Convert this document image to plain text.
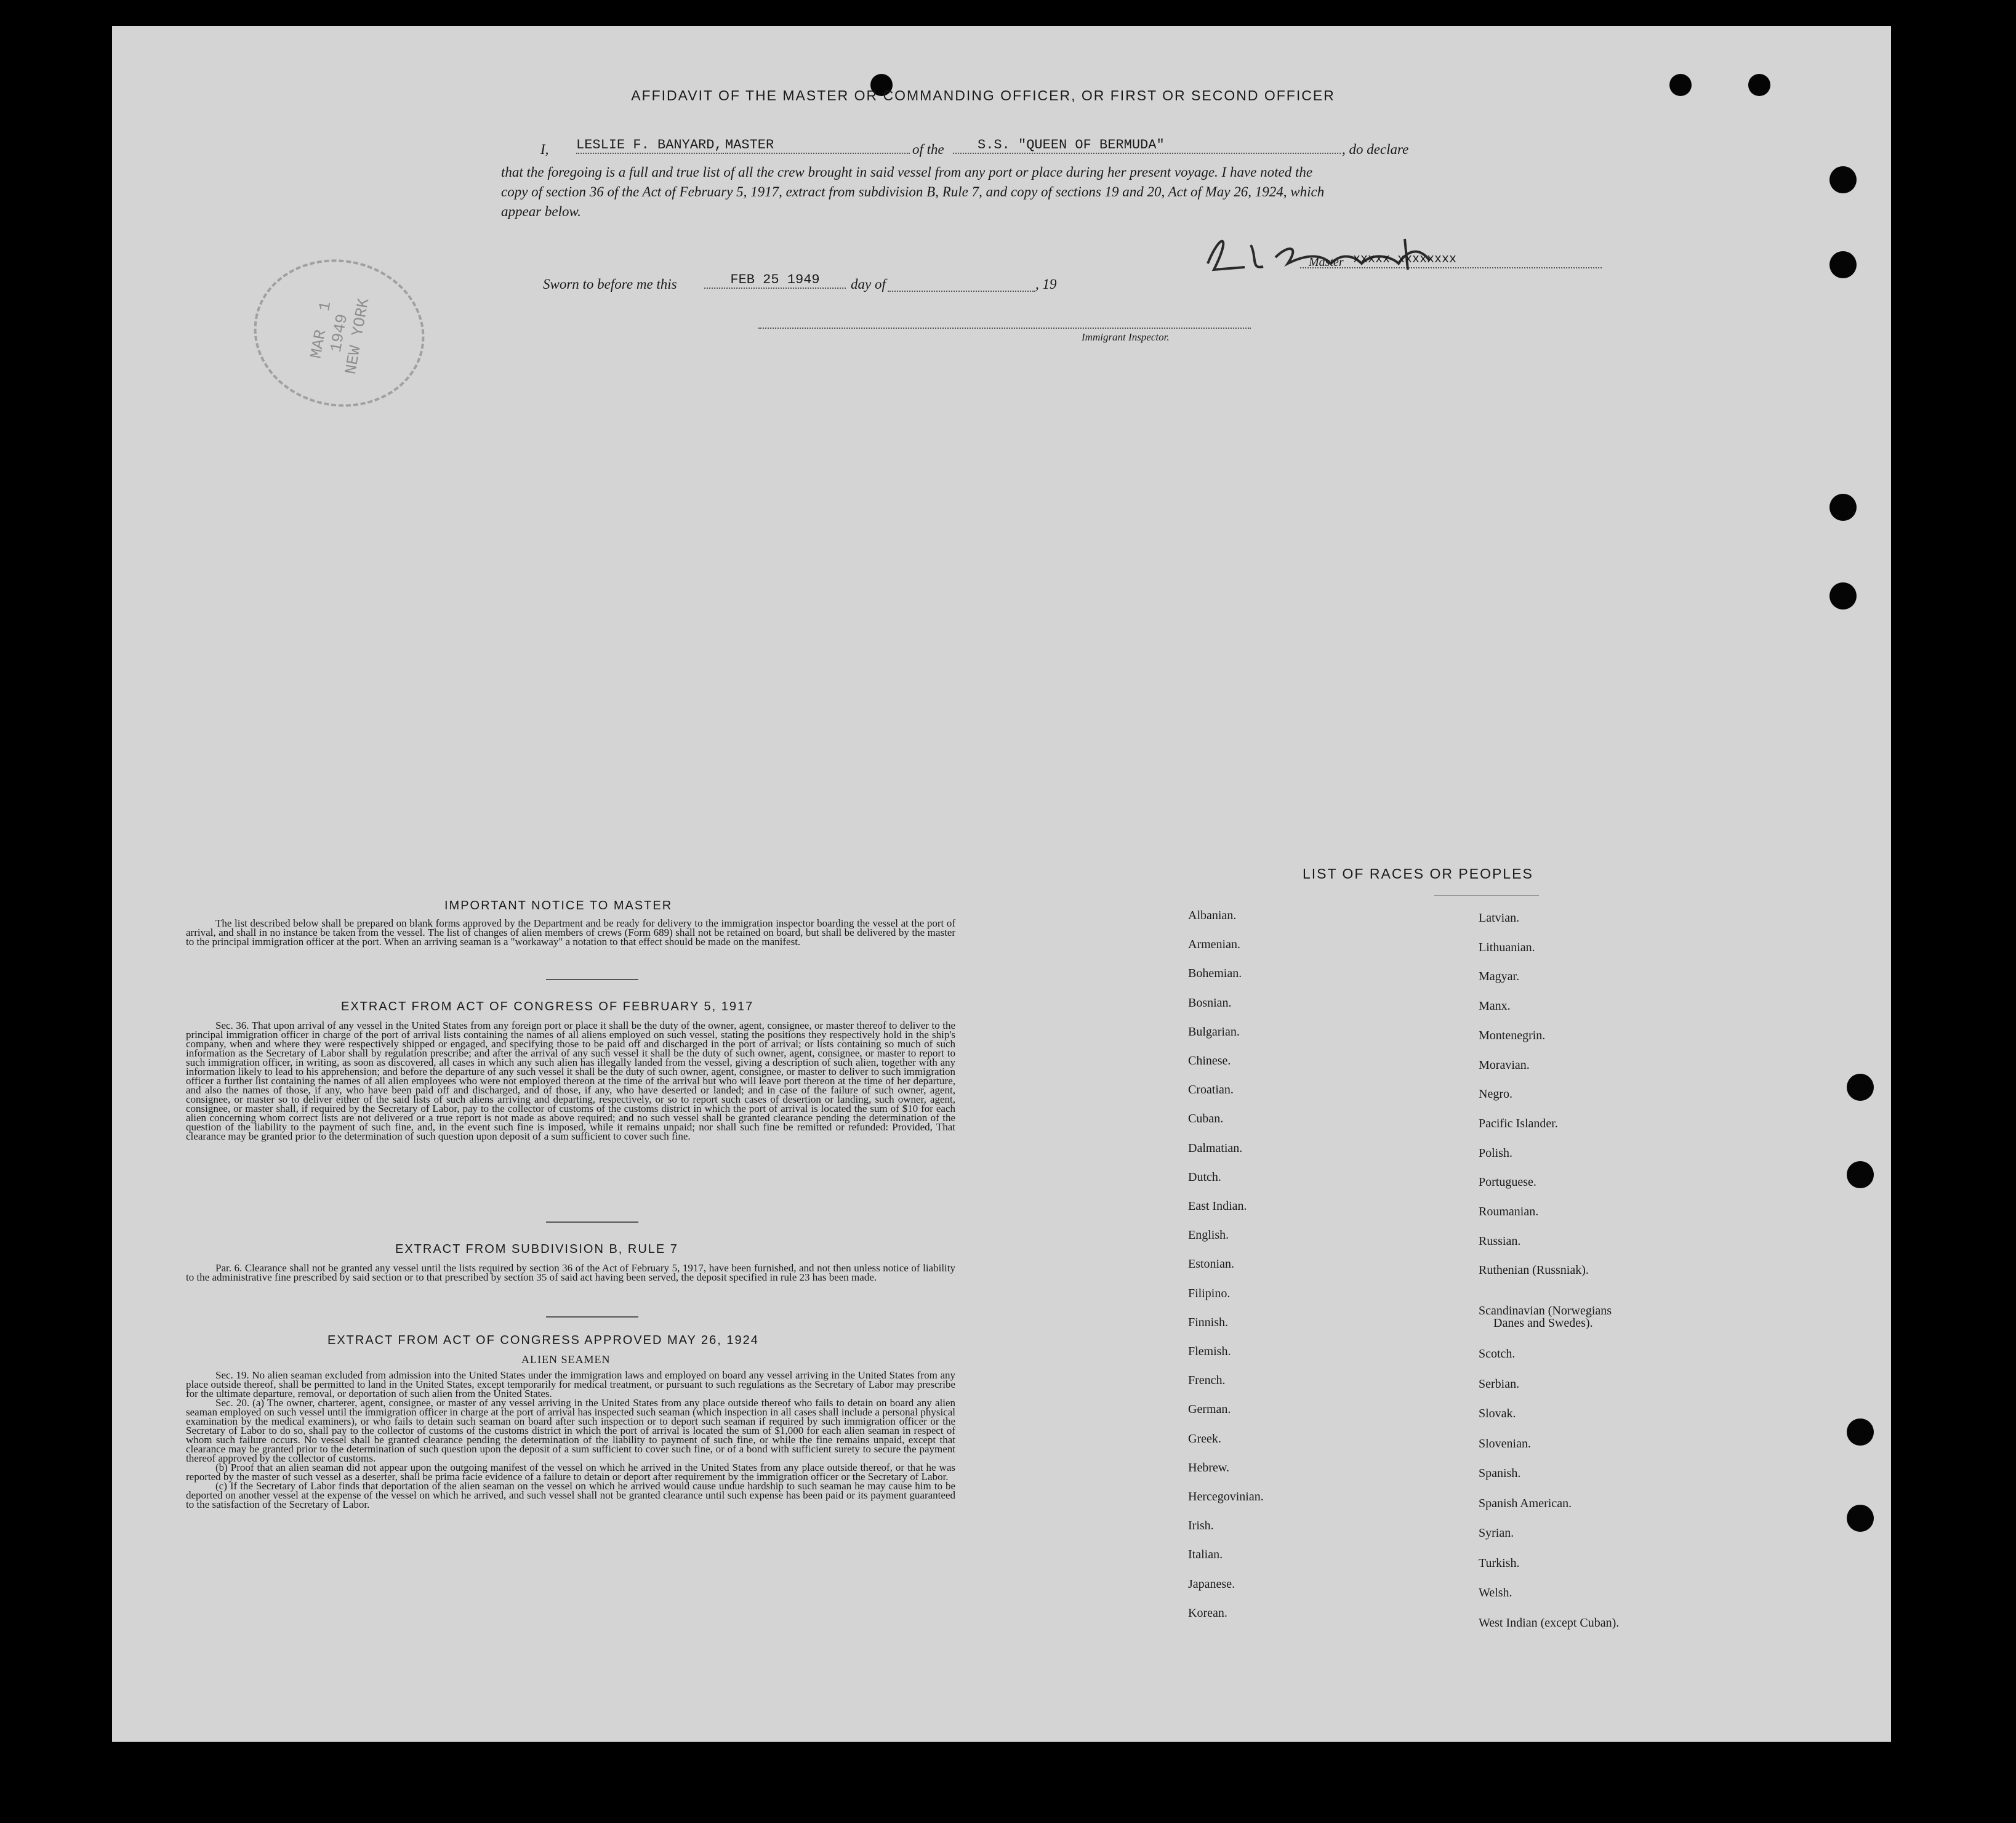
AFFIDAVIT OF THE MASTER OR COMMANDING OFFICER, OR FIRST OR SECOND OFFICER
I, LESLIE F. BANYARD, MASTER	of the	S.S. "QUEEN OF BERMUDA"	, do declare
that the foregoing is a full and true list of all the crew brought in said vessel from any port or place during her present voyage. I have noted the
copy of section 36 of the Act of February 5, 1917, extract from subdivision B, Rule 7, and copy of sections 19 and 20, Act of May 26, 1924, which
appear below.
Master xxxxx xxxxxxxx
Sworn to before me this	FEB 25 1949	day of	, 19
Immigrant Inspector.
MAR  1
1949
NEW YORK
IMPORTANT NOTICE TO MASTER
The list described below shall be prepared on blank forms approved by the Department and be ready for delivery to the immigration inspector boarding the vessel at the port of arrival, and shall in no instance be taken from the vessel. The list of changes of alien members of crews (Form 689) shall not be retained on board, but shall be delivered by the master to the principal immigration officer at the port. When an arriving seaman is a "workaway" a notation to that effect should be made on the manifest.
EXTRACT FROM ACT OF CONGRESS OF FEBRUARY 5, 1917
Sec. 36. That upon arrival of any vessel in the United States from any foreign port or place it shall be the duty of the owner, agent, consignee, or master thereof to deliver to the principal immigration officer in charge of the port of arrival lists containing the names of all aliens employed on such vessel, stating the positions they respectively hold in the ship's company, when and where they were respectively shipped or engaged, and specifying those to be paid off and discharged in the port of arrival; or lists containing so much of such information as the Secretary of Labor shall by regulation prescribe; and after the arrival of any such vessel it shall be the duty of such owner, agent, consignee, or master to report to such immigration officer, in writing, as soon as discovered, all cases in which any such alien has illegally landed from the vessel, giving a description of such alien, together with any information likely to lead to his apprehension; and before the departure of any such vessel it shall be the duty of such owner, agent, consignee, or master to deliver to such immigration officer a further list containing the names of all alien employees who were not employed thereon at the time of the arrival but who will leave port thereon at the time of her departure, and also the names of those, if any, who have been paid off and discharged, and of those, if any, who have deserted or landed; and in case of the failure of such owner, agent, consignee, or master so to deliver either of the said lists of such aliens arriving and departing, respectively, or so to report such cases of desertion or landing, such owner, agent, consignee, or master shall, if required by the Secretary of Labor, pay to the collector of customs of the customs district in which the port of arrival is located the sum of $10 for each alien concerning whom correct lists are not delivered or a true report is not made as above required; and no such vessel shall be granted clearance pending the determination of the question of the liability to the payment of such fine, and, in the event such fine is imposed, while it remains unpaid; nor shall such fine be remitted or refunded: Provided, That clearance may be granted prior to the determination of such question upon deposit of a sum sufficient to cover such fine.
EXTRACT FROM SUBDIVISION B, RULE 7
Par. 6. Clearance shall not be granted any vessel until the lists required by section 36 of the Act of February 5, 1917, have been furnished, and not then unless notice of liability to the administrative fine prescribed by said section or to that prescribed by section 35 of said act having been served, the deposit specified in rule 23 has been made.
EXTRACT FROM ACT OF CONGRESS APPROVED MAY 26, 1924
ALIEN SEAMEN
Sec. 19. No alien seaman excluded from admission into the United States under the immigration laws and employed on board any vessel arriving in the United States from any place outside thereof, shall be permitted to land in the United States, except temporarily for medical treatment, or pursuant to such regulations as the Secretary of Labor may prescribe for the ultimate departure, removal, or deportation of such alien from the United States.
Sec. 20. (a) The owner, charterer, agent, consignee, or master of any vessel arriving in the United States from any place outside thereof who fails to detain on board any alien seaman employed on such vessel until the immigration officer in charge at the port of arrival has inspected such seaman (which inspection in all cases shall include a personal physical examination by the medical examiners), or who fails to detain such seaman on board after such inspection or to deport such seaman if required by such immigration officer or the Secretary of Labor to do so, shall pay to the collector of customs of the customs district in which the port of arrival is located the sum of $1,000 for each alien seaman in respect of whom such failure occurs. No vessel shall be granted clearance pending the determination of the liability to payment of such fine, or while the fine remains unpaid, except that clearance may be granted prior to the determination of such question upon the deposit of a sum sufficient to cover such fine, or of a bond with sufficient surety to secure the payment thereof approved by the collector of customs.
(b) Proof that an alien seaman did not appear upon the outgoing manifest of the vessel on which he arrived in the United States from any place outside thereof, or that he was reported by the master of such vessel as a deserter, shall be prima facie evidence of a failure to detain or deport after requirement by the immigration officer or the Secretary of Labor.
(c) If the Secretary of Labor finds that deportation of the alien seaman on the vessel on which he arrived would cause undue hardship to such seaman he may cause him to be deported on another vessel at the expense of the vessel on which he arrived, and such vessel shall not be granted clearance until such expense has been paid or its payment guaranteed to the satisfaction of the Secretary of Labor.
LIST OF RACES OR PEOPLES
Albanian.
Armenian.
Bohemian.
Bosnian.
Bulgarian.
Chinese.
Croatian.
Cuban.
Dalmatian.
Dutch.
East Indian.
English.
Estonian.
Filipino.
Finnish.
Flemish.
French.
German.
Greek.
Hebrew.
Hercegovinian.
Irish.
Italian.
Japanese.
Korean.
Latvian.
Lithuanian.
Magyar.
Manx.
Montenegrin.
Moravian.
Negro.
Pacific Islander.
Polish.
Portuguese.
Roumanian.
Russian.
Ruthenian (Russniak).
Scandinavian (Norwegians
Danes and Swedes).
Scotch.
Serbian.
Slovak.
Slovenian.
Spanish.
Spanish American.
Syrian.
Turkish.
Welsh.
West Indian (except Cuban).
